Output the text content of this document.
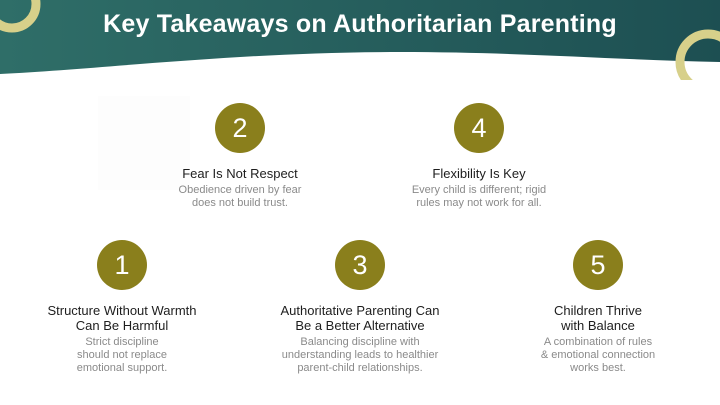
Key Takeaways on Authoritarian Parenting
1
Structure Without Warmth
Can Be Harmful
Strict discipline
should not replace
emotional support.
2
Fear Is Not Respect
Obedience driven by fear
does not build trust.
3
Authoritative Parenting Can
Be a Better Alternative
Balancing discipline with
understanding leads to healthier
parent-child relationships.
4
Flexibility Is Key
Every child is different; rigid
rules may not work for all.
5
Children Thrive
with Balance
A combination of rules
& emotional connection
works best.
